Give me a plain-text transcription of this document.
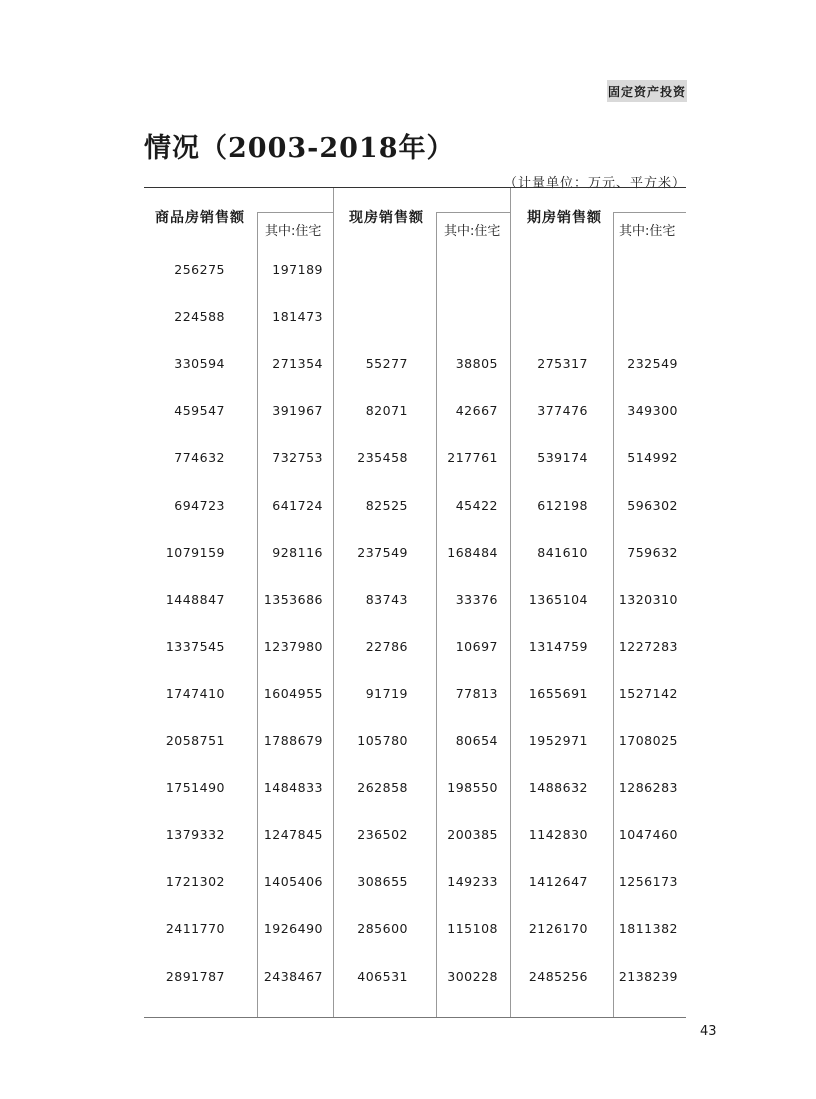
固定资产投资
情况（2003-2018年）
（计量单位：万元、平方米）
商品房销售额
其中:住宅
现房销售额
其中:住宅
期房销售额
其中:住宅
256275	197189
224588	181473
330594	271354	55277	38805	275317	232549
459547	391967	82071	42667	377476	349300
774632	732753	235458	217761	539174	514992
694723	641724	82525	45422	612198	596302
1079159	928116	237549	168484	841610	759632
1448847	1353686	83743	33376	1365104	1320310
1337545	1237980	22786	10697	1314759	1227283
1747410	1604955	91719	77813	1655691	1527142
2058751	1788679	105780	80654	1952971	1708025
1751490	1484833	262858	198550	1488632	1286283
1379332	1247845	236502	200385	1142830	1047460
1721302	1405406	308655	149233	1412647	1256173
2411770	1926490	285600	115108	2126170	1811382
2891787	2438467	406531	300228	2485256	2138239
43
